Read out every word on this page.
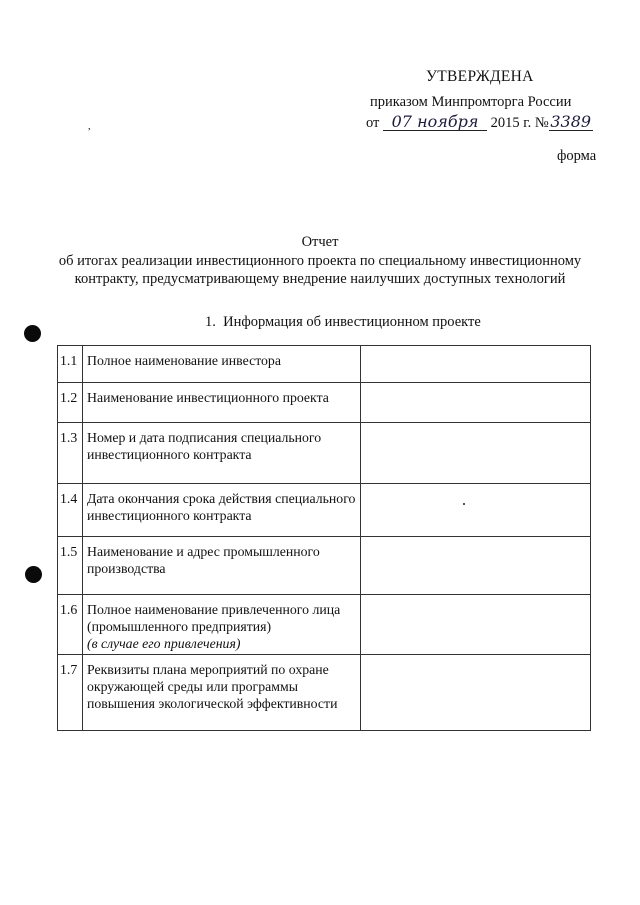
УТВЕРЖДЕНА
приказом Минпромторга России
от 07 ноября 2015 г. № 3389
,
форма
Отчет
об итогах реализации инвестиционного проекта по специальному инвестиционному
контракту, предусматривающему внедрение наилучших доступных технологий
1. Информация об инвестиционном проекте
1.1	Полное наименование инвестора	
1.2	Наименование инвестиционного проекта	
1.3	Номер и дата подписания специального инвестиционного контракта	
1.4	Дата окончания срока действия специального инвестиционного контракта	
1.5	Наименование и адрес промышленного производства	
1.6	Полное наименование привлеченного лица (промышленного предприятия)
(в случае его привлечения)	
1.7	Реквизиты плана мероприятий по охране окружающей среды или программы повышения экологической эффективности	
